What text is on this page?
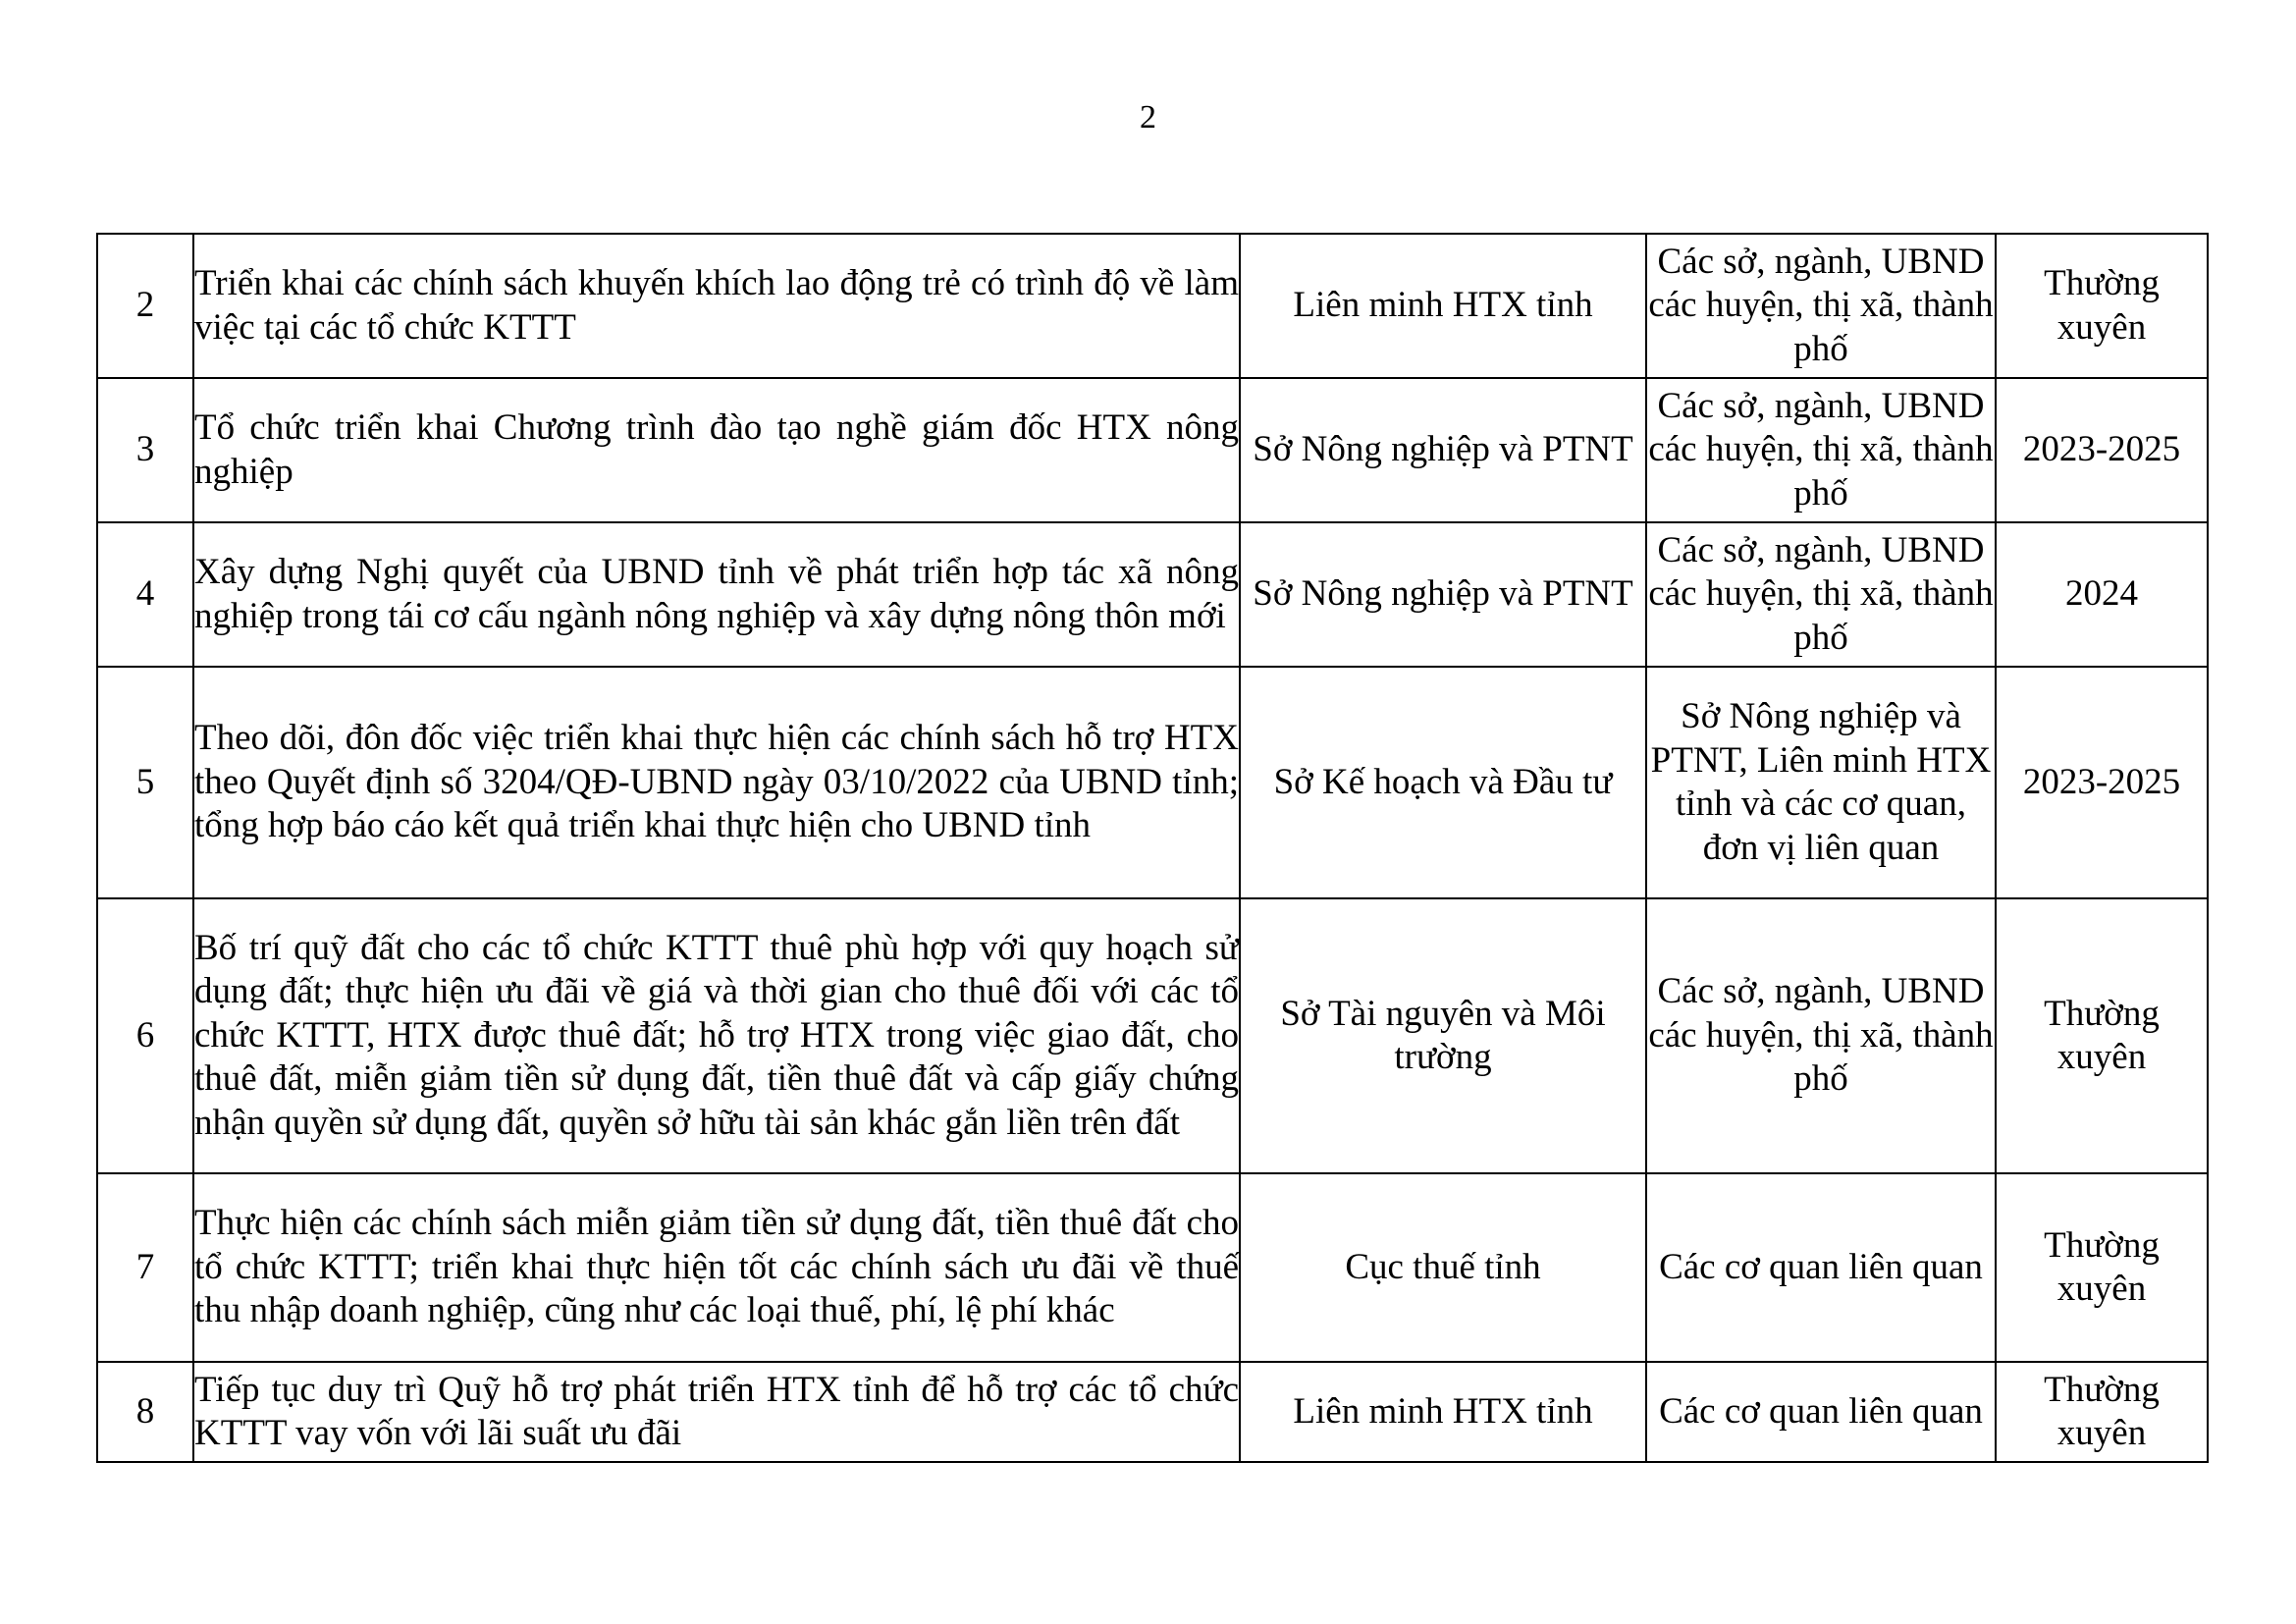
2
2	Triển khai các chính sách khuyến khích lao động trẻ có trình độ về làm việc tại các tổ chức KTTT	Liên minh HTX tỉnh	Các sở, ngành, UBND các huyện, thị xã, thành phố	Thường xuyên
3	Tổ chức triển khai Chương trình đào tạo nghề giám đốc HTX nông nghiệp	Sở Nông nghiệp và PTNT	Các sở, ngành, UBND các huyện, thị xã, thành phố	2023-2025
4	Xây dựng Nghị quyết của UBND tỉnh về phát triển hợp tác xã nông nghiệp trong tái cơ cấu ngành nông nghiệp và xây dựng nông thôn mới	Sở Nông nghiệp và PTNT	Các sở, ngành, UBND các huyện, thị xã, thành phố	2024
5	Theo dõi, đôn đốc việc triển khai thực hiện các chính sách hỗ trợ HTX theo Quyết định số 3204/QĐ-UBND ngày 03/10/2022 của UBND tỉnh; tổng hợp báo cáo kết quả triển khai thực hiện cho UBND tỉnh	Sở Kế hoạch và Đầu tư	Sở Nông nghiệp và PTNT, Liên minh HTX tỉnh và các cơ quan, đơn vị liên quan	2023-2025
6	Bố trí quỹ đất cho các tổ chức KTTT thuê phù hợp với quy hoạch sử dụng đất; thực hiện ưu đãi về giá và thời gian cho thuê đối với các tổ chức KTTT, HTX được thuê đất; hỗ trợ HTX trong việc giao đất, cho thuê đất, miễn giảm tiền sử dụng đất, tiền thuê đất và cấp giấy chứng nhận quyền sử dụng đất, quyền sở hữu tài sản khác gắn liền trên đất	Sở Tài nguyên và Môi trường	Các sở, ngành, UBND các huyện, thị xã, thành phố	Thường xuyên
7	Thực hiện các chính sách miễn giảm tiền sử dụng đất, tiền thuê đất cho tổ chức KTTT; triển khai thực hiện tốt các chính sách ưu đãi về thuế thu nhập doanh nghiệp, cũng như các loại thuế, phí, lệ phí khác	Cục thuế tỉnh	Các cơ quan liên quan	Thường xuyên
8	Tiếp tục duy trì Quỹ hỗ trợ phát triển HTX tỉnh để hỗ trợ các tổ chức KTTT vay vốn với lãi suất ưu đãi	Liên minh HTX tỉnh	Các cơ quan liên quan	Thường xuyên
